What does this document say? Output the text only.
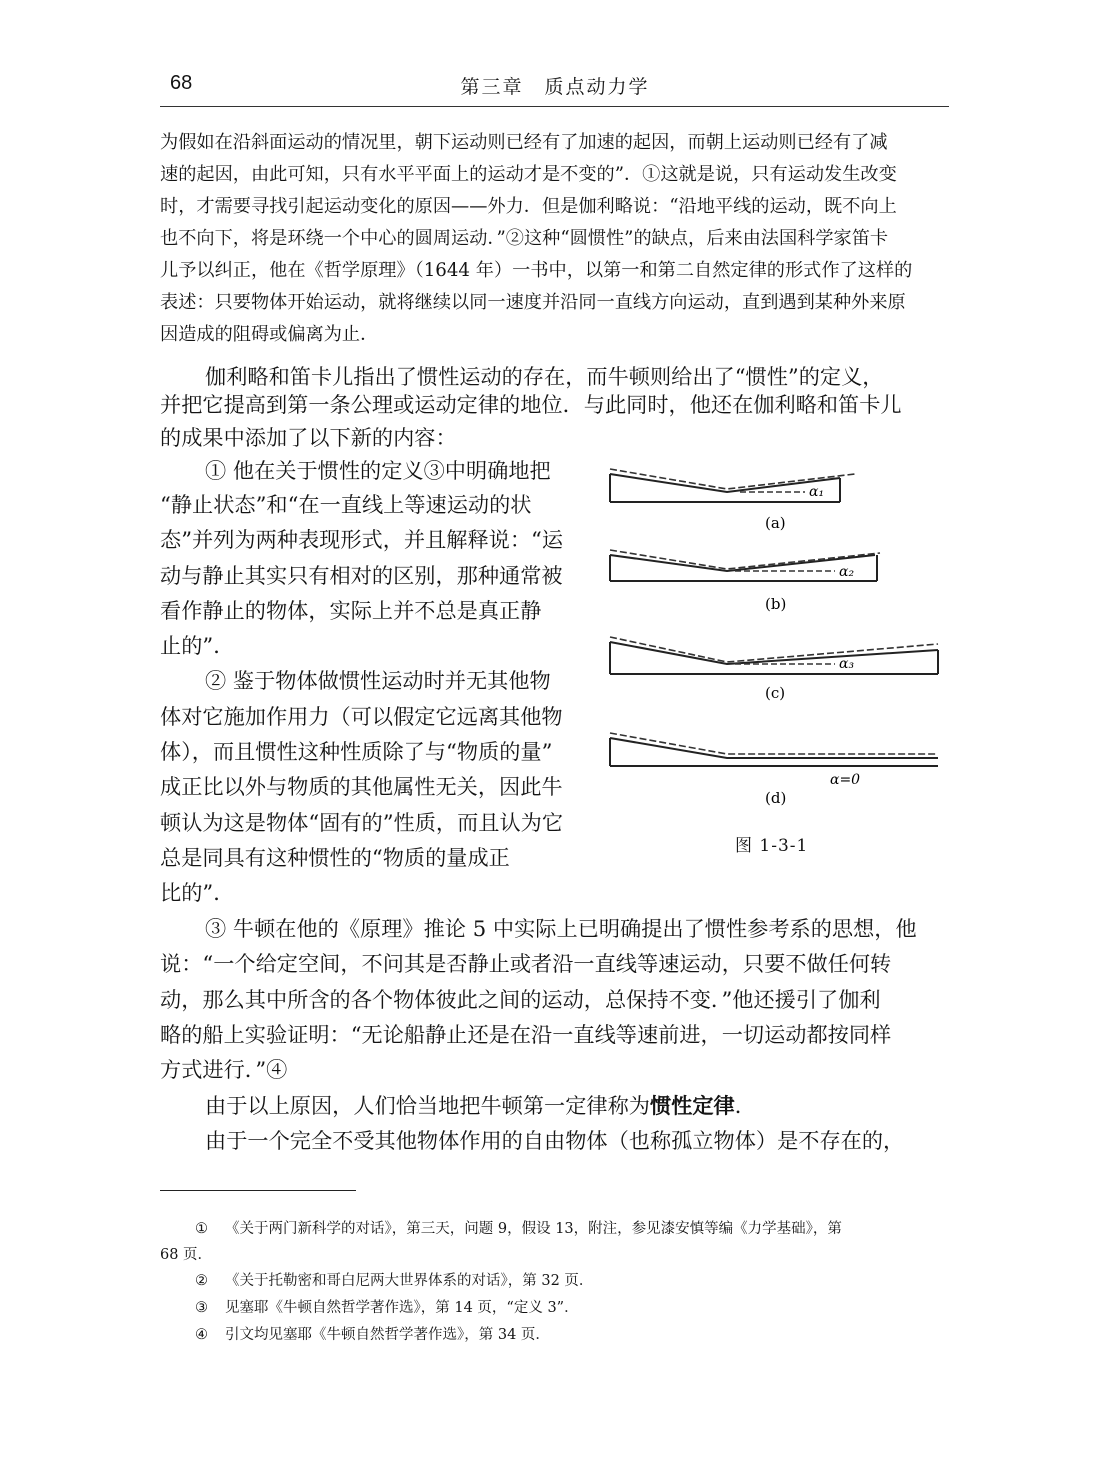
68	第三章　质点动力学
为假如在沿斜面运动的情况里，朝下运动则已经有了加速的起因，而朝上运动则已经有了减
速的起因，由此可知，只有水平平面上的运动才是不变的”．①这就是说，只有运动发生改变
时，才需要寻找引起运动变化的原因——外力．但是伽利略说：“沿地平线的运动，既不向上
也不向下，将是环绕一个中心的圆周运动．”②这种“圆惯性”的缺点，后来由法国科学家笛卡
儿予以纠正，他在《哲学原理》（1644 年）一书中，以第一和第二自然定律的形式作了这样的
表述：只要物体开始运动，就将继续以同一速度并沿同一直线方向运动，直到遇到某种外来原
因造成的阻碍或偏离为止．
伽利略和笛卡儿指出了惯性运动的存在，而牛顿则给出了“惯性”的定义，
并把它提高到第一条公理或运动定律的地位．与此同时，他还在伽利略和笛卡儿
的成果中添加了以下新的内容：
① 他在关于惯性的定义③中明确地把
“静止状态”和“在一直线上等速运动的状
态”并列为两种表现形式，并且解释说：“运
动与静止其实只有相对的区别，那种通常被
看作静止的物体，实际上并不总是真正静
止的”．
② 鉴于物体做惯性运动时并无其他物
体对它施加作用力（可以假定它远离其他物
体），而且惯性这种性质除了与“物质的量”
成正比以外与物质的其他属性无关，因此牛
顿认为这是物体“固有的”性质，而且认为它
总是同具有这种惯性的“物质的量成正
比的”．
α₁
(a)
α₂
(b)
α₃
(c)
α=0
(d)
图 1-3-1
③ 牛顿在他的《原理》推论 5 中实际上已明确提出了惯性参考系的思想，他
说：“一个给定空间，不问其是否静止或者沿一直线等速运动，只要不做任何转
动，那么其中所含的各个物体彼此之间的运动，总保持不变．”他还援引了伽利
略的船上实验证明：“无论船静止还是在沿一直线等速前进，一切运动都按同样
方式进行．”④
由于以上原因，人们恰当地把牛顿第一定律称为惯性定律．
由于一个完全不受其他物体作用的自由物体（也称孤立物体）是不存在的，
① 《关于两门新科学的对话》，第三天，问题 9，假设 13，附注，参见漆安慎等编《力学基础》，第
68 页．
② 《关于托勒密和哥白尼两大世界体系的对话》，第 32 页．
③ 见塞耶《牛顿自然哲学著作选》，第 14 页，“定义 3”．
④ 引文均见塞耶《牛顿自然哲学著作选》，第 34 页．
